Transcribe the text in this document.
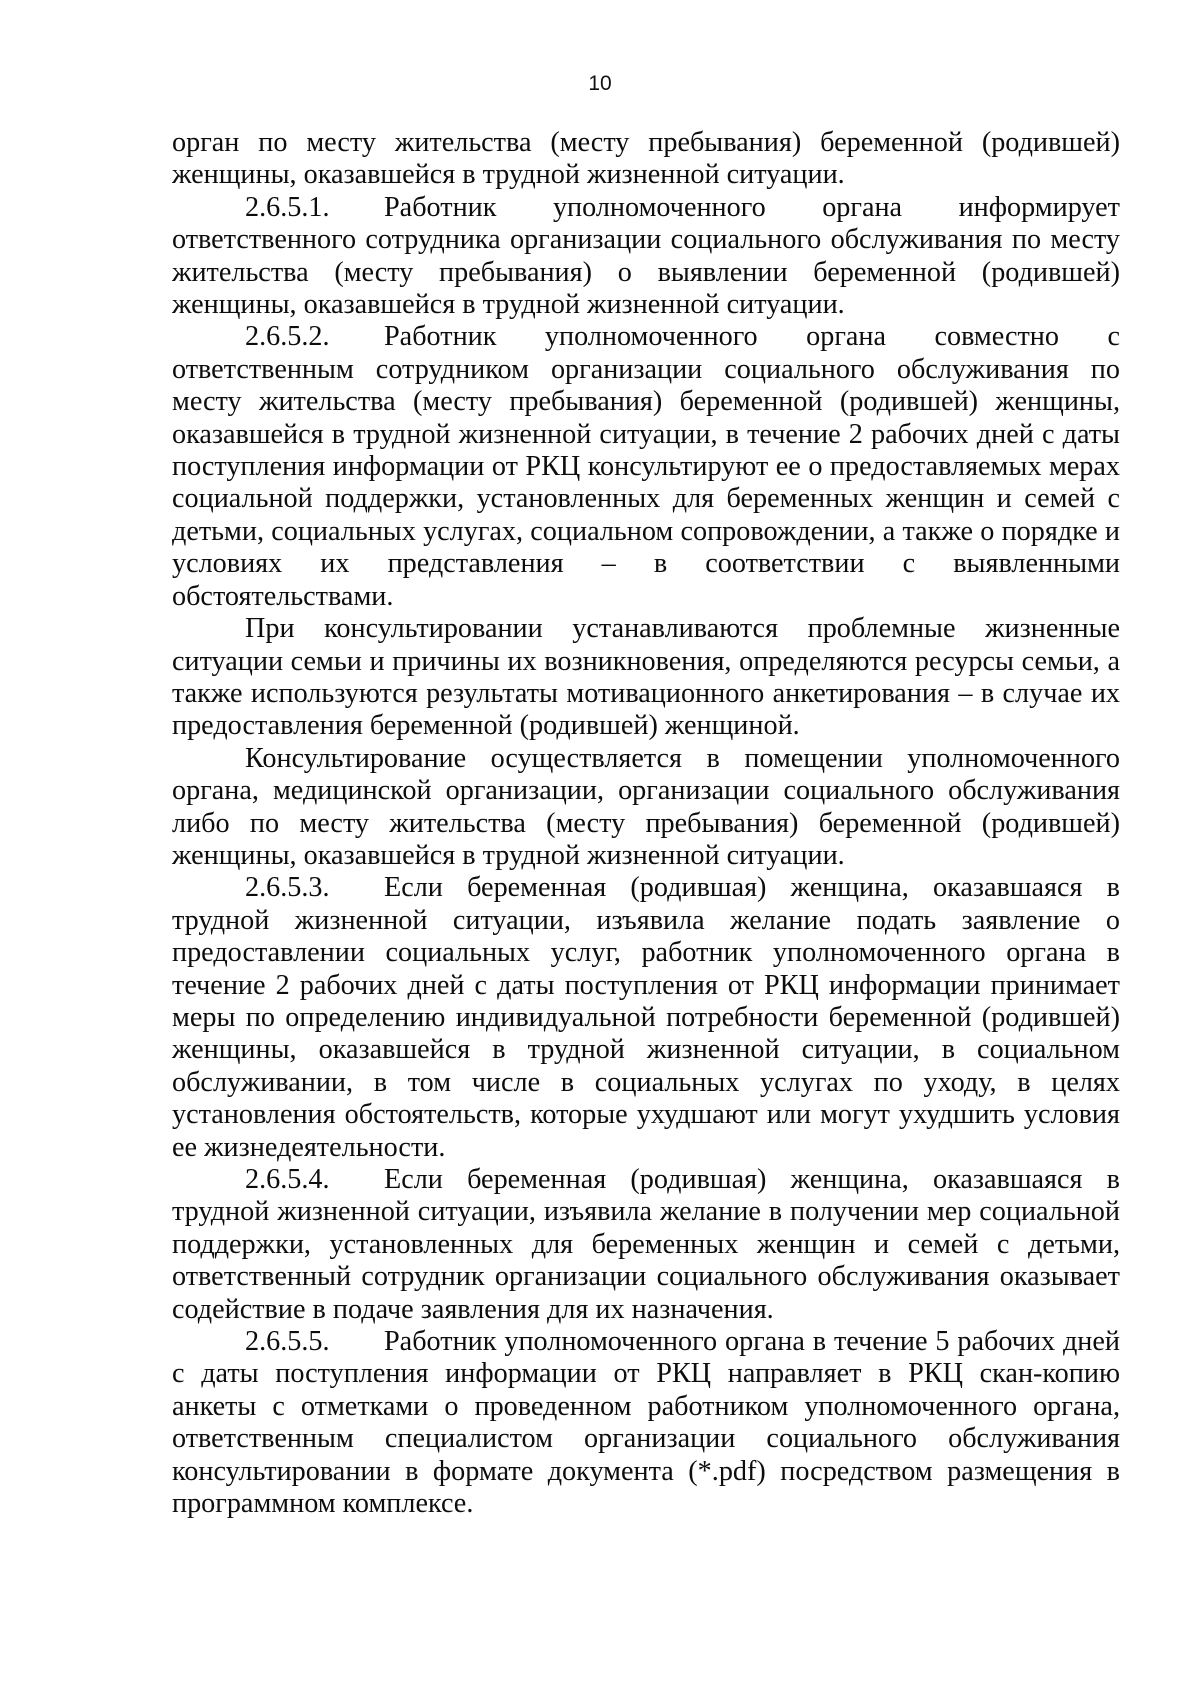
10

орган по месту жительства (месту пребывания) беременной (родившей) женщины, оказавшейся в трудной жизненной ситуации.

2.6.5.1. Работник уполномоченного органа информирует ответственного сотрудника организации социального обслуживания по месту жительства (месту пребывания) о выявлении беременной (родившей) женщины, оказавшейся в трудной жизненной ситуации.

2.6.5.2. Работник уполномоченного органа совместно с ответственным сотрудником организации социального обслуживания по месту жительства (месту пребывания) беременной (родившей) женщины, оказавшейся в трудной жизненной ситуации, в течение 2 рабочих дней с даты поступления информации от РКЦ консультируют ее о предоставляемых мерах социальной поддержки, установленных для беременных женщин и семей с детьми, социальных услугах, социальном сопровождении, а также о порядке и условиях их представления – в соответствии с выявленными обстоятельствами.

При консультировании устанавливаются проблемные жизненные ситуации семьи и причины их возникновения, определяются ресурсы семьи, а также используются результаты мотивационного анкетирования – в случае их предоставления беременной (родившей) женщиной.

Консультирование осуществляется в помещении уполномоченного органа, медицинской организации, организации социального обслуживания либо по месту жительства (месту пребывания) беременной (родившей) женщины, оказавшейся в трудной жизненной ситуации.

2.6.5.3. Если беременная (родившая) женщина, оказавшаяся в трудной жизненной ситуации, изъявила желание подать заявление о предоставлении социальных услуг, работник уполномоченного органа в течение 2 рабочих дней с даты поступления от РКЦ информации принимает меры по определению индивидуальной потребности беременной (родившей) женщины, оказавшейся в трудной жизненной ситуации, в социальном обслуживании, в том числе в социальных услугах по уходу, в целях установления обстоятельств, которые ухудшают или могут ухудшить условия ее жизнедеятельности.

2.6.5.4. Если беременная (родившая) женщина, оказавшаяся в трудной жизненной ситуации, изъявила желание в получении мер социальной поддержки, установленных для беременных женщин и семей с детьми, ответственный сотрудник организации социального обслуживания оказывает содействие в подаче заявления для их назначения.

2.6.5.5. Работник уполномоченного органа в течение 5 рабочих дней с даты поступления информации от РКЦ направляет в РКЦ скан-копию анкеты с отметками о проведенном работником уполномоченного органа, ответственным специалистом организации социального обслуживания консультировании в формате документа (*.pdf) посредством размещения в программном комплексе.
